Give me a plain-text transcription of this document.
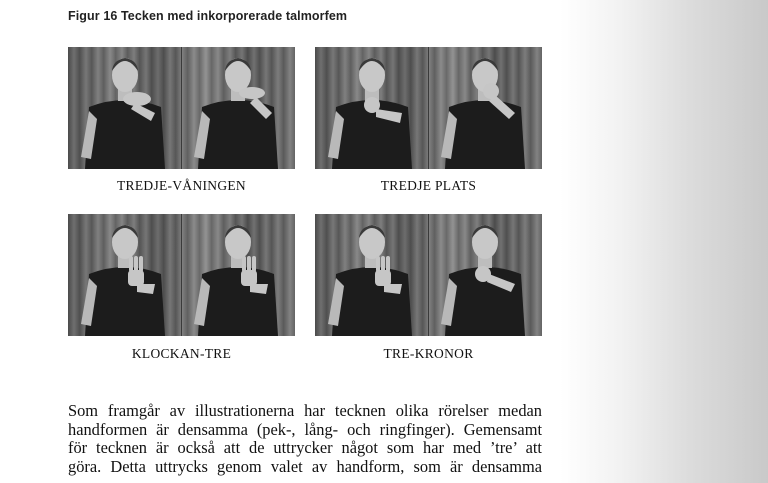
Figur 16 Tecken med inkorporerade talmorfem
TREDJE-VÅNINGEN	TREDJE PLATS
KLOCKAN-TRE	TRE-KRONOR
Som framgår av illustrationerna har tecknen olika rörelser medan
handformen är densamma (pek-, lång- och ringfinger). Gemensamt
för tecknen är också att de uttrycker något som har med ’tre’ att
göra. Detta uttrycks genom valet av handform, som är densamma
